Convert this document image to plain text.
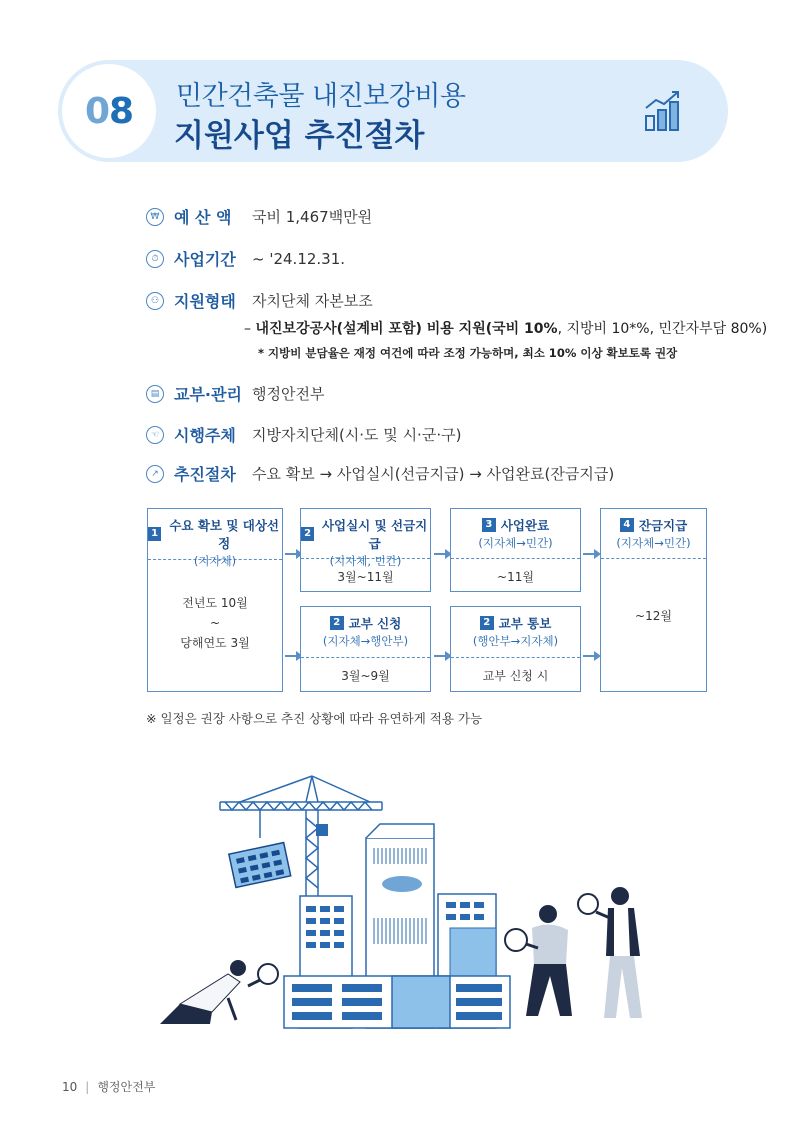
08 민간건축물 내진보강비용
지원사업 추진절차
₩ 예 산 액	국비 1,467백만원
⏱ 사업기간	~ '24.12.31.
⚇ 지원형태	자치단체 자본보조
– 내진보강공사(설계비 포함) 비용 지원(국비 10%, 지방비 10*%, 민간자부담 80%)
* 지방비 분담율은 재정 여건에 따라 조정 가능하며, 최소 10% 이상 확보토록 권장
▤ 교부·관리 행정안전부
☜ 시행주체	지방자치단체(시·도 및 시·군·구)
↗ 추진절차	수요 확보 → 사업실시(선금지급) → 사업완료(잔금지급)
1
수요 확보 및 대상선정
(지자체)
전년도 10월
~
당해연도 3월
2
사업실시 및 선금지급
(지자체, 민간)
3월~11월
2 교부 신청
(지자체→행안부)
3월~9월
3 사업완료
(지자체→민간)
~11월
2 교부 통보
(행안부→지자체)
교부 신청 시
4 잔금지급
(지자체→민간)
~12월
※ 일정은 권장 사항으로 추진 상황에 따라 유연하게 적용 가능
10 | 행정안전부
